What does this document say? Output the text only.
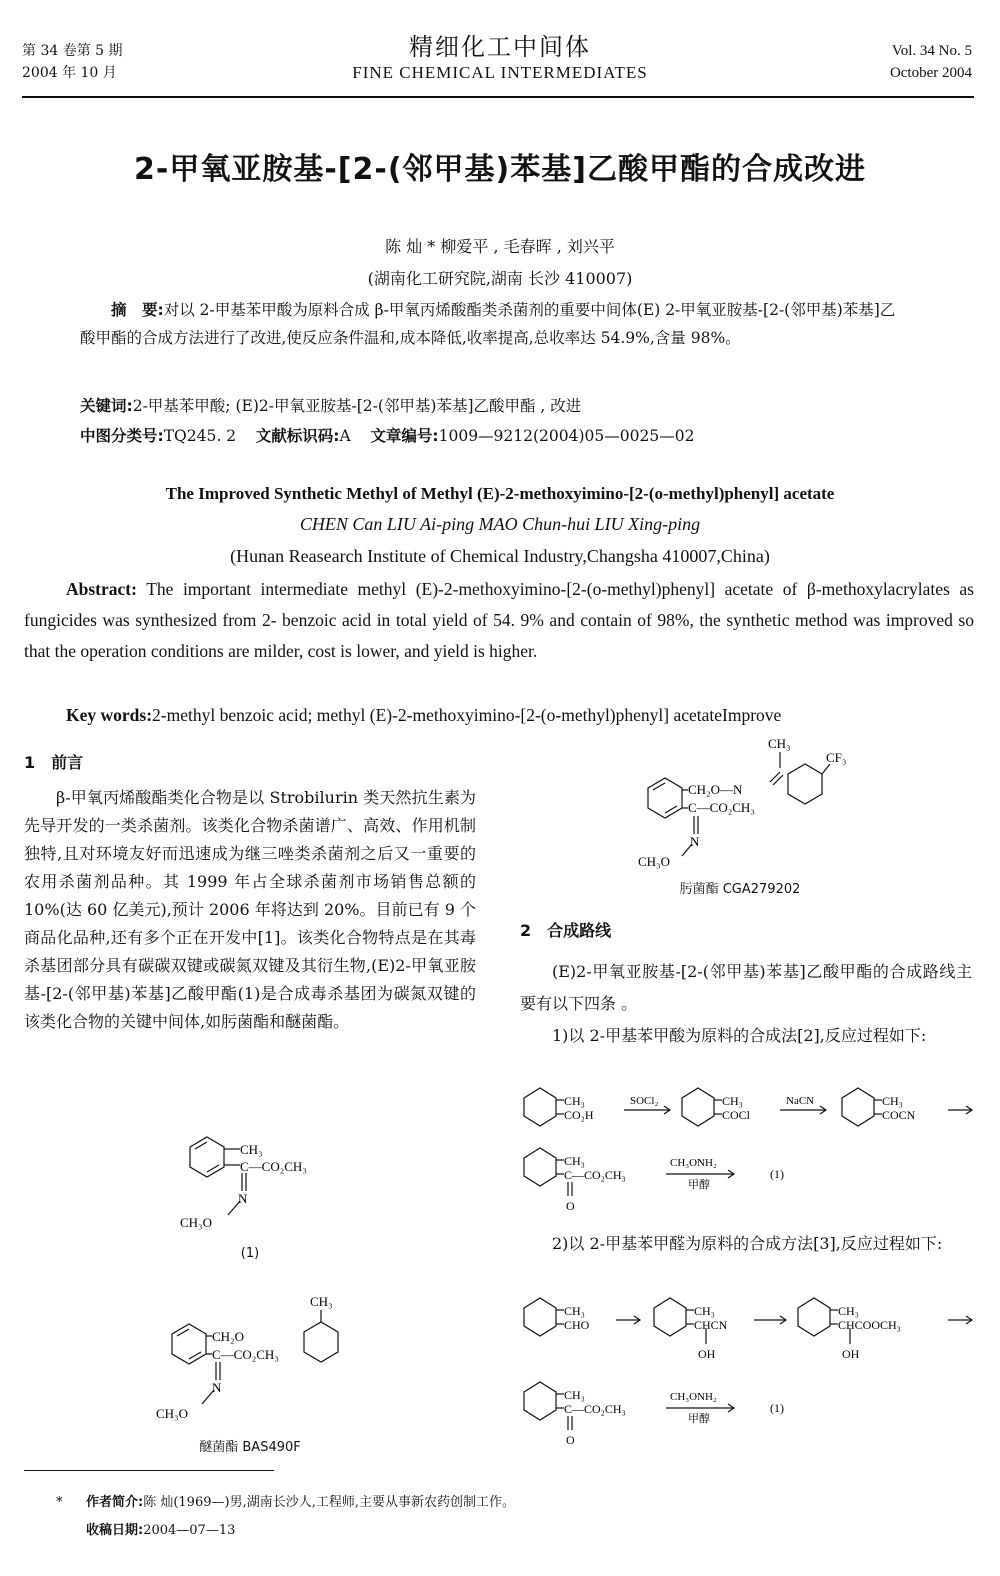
第 34 卷第 5 期
2004 年 10 月
精细化工中间体
FINE CHEMICAL INTERMEDIATES
Vol. 34 No. 5
October 2004
2-甲氧亚胺基-[2-(邻甲基)苯基]乙酸甲酯的合成改进
陈 灿 * 柳爱平 , 毛春晖 , 刘兴平
(湖南化工研究院,湖南 长沙 410007)
摘　要:对以 2-甲基苯甲酸为原料合成 β-甲氧丙烯酸酯类杀菌剂的重要中间体(E) 2-甲氧亚胺基-[2-(邻甲基)苯基]乙酸甲酯的合成方法进行了改进,使反应条件温和,成本降低,收率提高,总收率达 54.9%,含量 98%。
关键词:2-甲基苯甲酸; (E)2-甲氧亚胺基-[2-(邻甲基)苯基]乙酸甲酯 , 改进
中图分类号:TQ245. 2 文献标识码:A 文章编号:1009—9212(2004)05—0025—02
The Improved Synthetic Methyl of Methyl (E)-2-methoxyimino-[2-(o-methyl)phenyl] acetate
CHEN Can LIU Ai-ping MAO Chun-hui LIU Xing-ping
(Hunan Reasearch Institute of Chemical Industry,Changsha 410007,China)
Abstract: The important intermediate methyl (E)-2-methoxyimino-[2-(o-methyl)phenyl] acetate of β-methoxylacrylates as fungicides was synthesized from 2- benzoic acid in total yield of 54. 9% and contain of 98%, the synthetic method was improved so that the operation conditions are milder, cost is lower, and yield is higher.
Key words:2-methyl benzoic acid; methyl (E)-2-methoxyimino-[2-(o-methyl)phenyl] acetateImprove
1　前言
β-甲氧丙烯酸酯类化合物是以 Strobilurin 类天然抗生素为先导开发的一类杀菌剂。该类化合物杀菌谱广、高效、作用机制独特,且对环境友好而迅速成为继三唑类杀菌剂之后又一重要的农用杀菌剂品种。其 1999 年占全球杀菌剂市场销售总额的 10%(达 60 亿美元),预计 2006 年将达到 20%。目前已有 9 个商品化品种,还有多个正在开发中[1]。该类化合物特点是在其毒杀基团部分具有碳碳双键或碳氮双键及其衍生物,(E)2-甲氧亚胺基-[2-(邻甲基)苯基]乙酸甲酯(1)是合成毒杀基团为碳氮双键的该类化合物的关键中间体,如肟菌酯和醚菌酯。
CH₃
C—CO₂CH₃
N
CH₃O
(1)
CH₃
CH₂O
C—CO₂CH₃
N
CH₃O
醚菌酯 BAS490F
CH₃
CF₃
CH₂O—N
C—CO₂CH₃
N
CH₃O
肟菌酯 CGA279202
2　合成路线
(E)2-甲氧亚胺基-[2-(邻甲基)苯基]乙酸甲酯的合成路线主要有以下四条 。
1)以 2-甲基苯甲酸为原料的合成法[2],反应过程如下:
CH₃
CO₂H
CH₃
COCl
CH₃
COCN
CH₃
C—CO₂CH₃
O
SOCl₂	NaCN
CH₃ONH₂
甲醇
(1)
2)以 2-甲基苯甲醛为原料的合成方法[3],反应过程如下:
CH₃
CHO
CH₃
CHCN
OH
CH₃
CHCOOCH₃
OH
CH₃
C—CO₂CH₃
O
CH₃ONH₂
甲醇
(1)
* 作者简介:陈 灿(1969—)男,湖南长沙人,工程师,主要从事新农药创制工作。
收稿日期:2004—07—13
